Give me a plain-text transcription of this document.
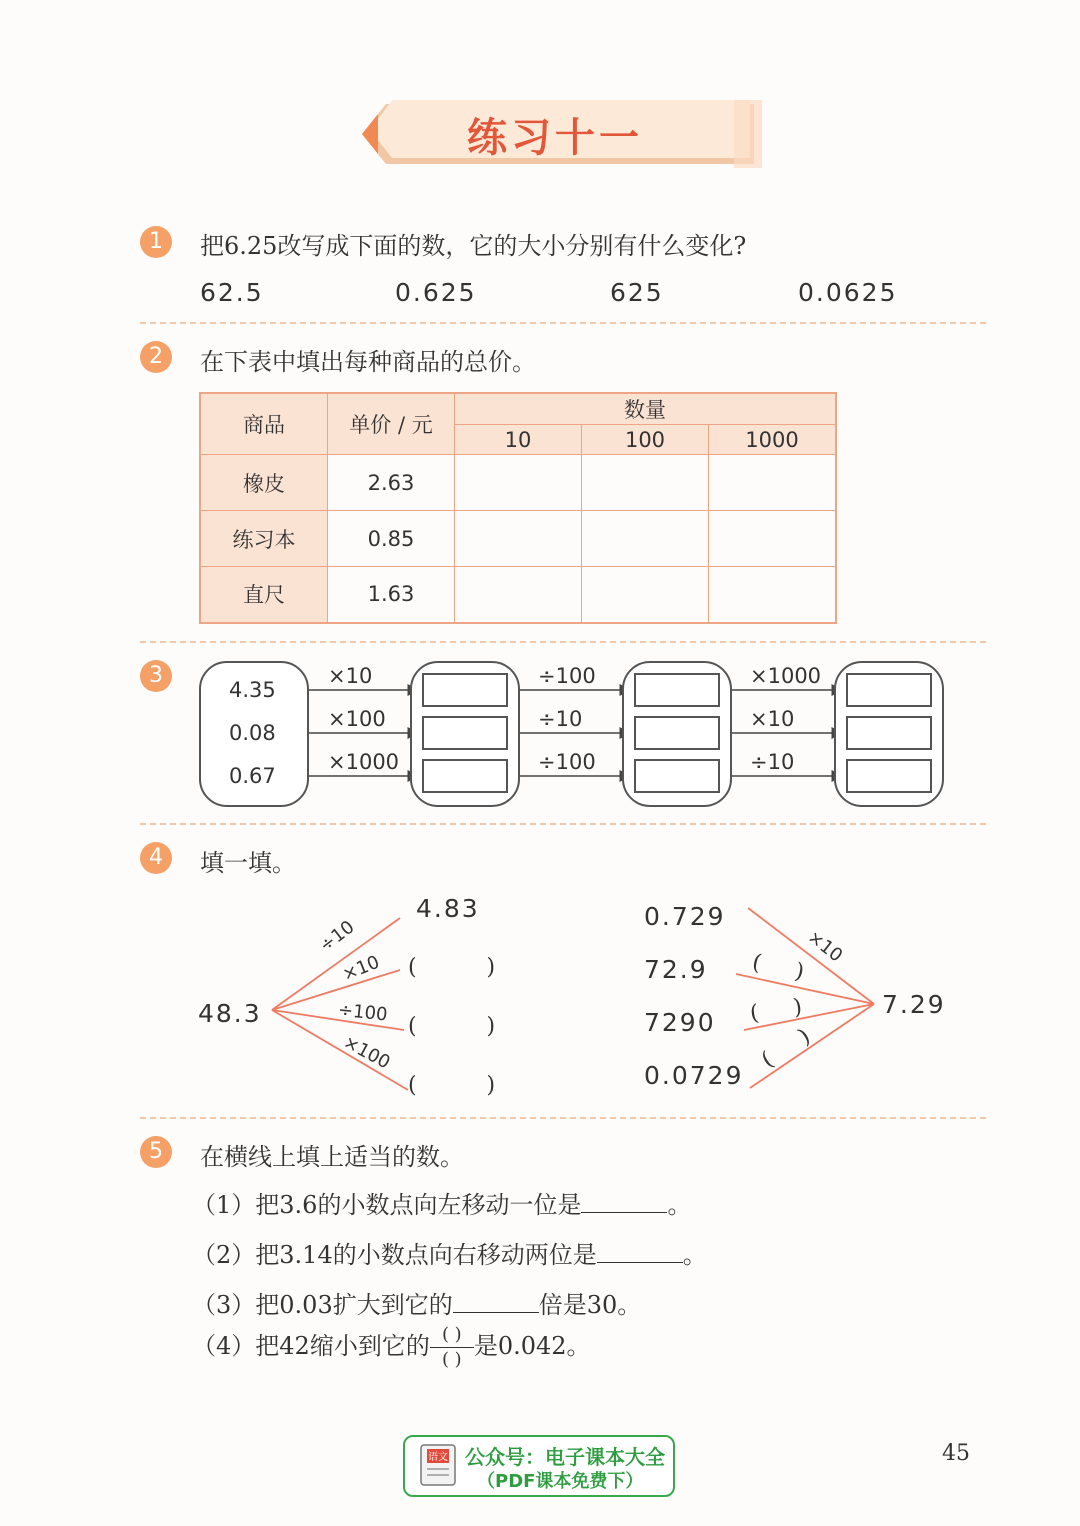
练习十一
1	把6.25改写成下面的数，它的大小分别有什么变化?
62.5	0.625	625	0.0625
2	在下表中填出每种商品的总价。
商品	单价 / 元	数量		
		10	100	1000
橡皮	2.63			
练习本	0.85			
直尺	1.63			
3
4.35
0.08
0.67
×10
×100
×1000
÷100
÷10
÷100
×1000
×10
÷10
4	填一填。
48.3
4.83
÷10
×10
÷100
×100
(          )
(          )
(          )
0.729
72.9
7290
0.0729
7.29
×10
(     )
(     )
(     )
5	在横线上填上适当的数。
（1）把3.6的小数点向左移动一位是	。
（2）把3.14的小数点向右移动两位是	。
（3）把0.03扩大到它的	倍是30。
（4）把42缩小到它的 $\frac{( )}{( )}$ 是0.042。
语文 公众号：电子课本大全
（PDF课本免费下）
45
